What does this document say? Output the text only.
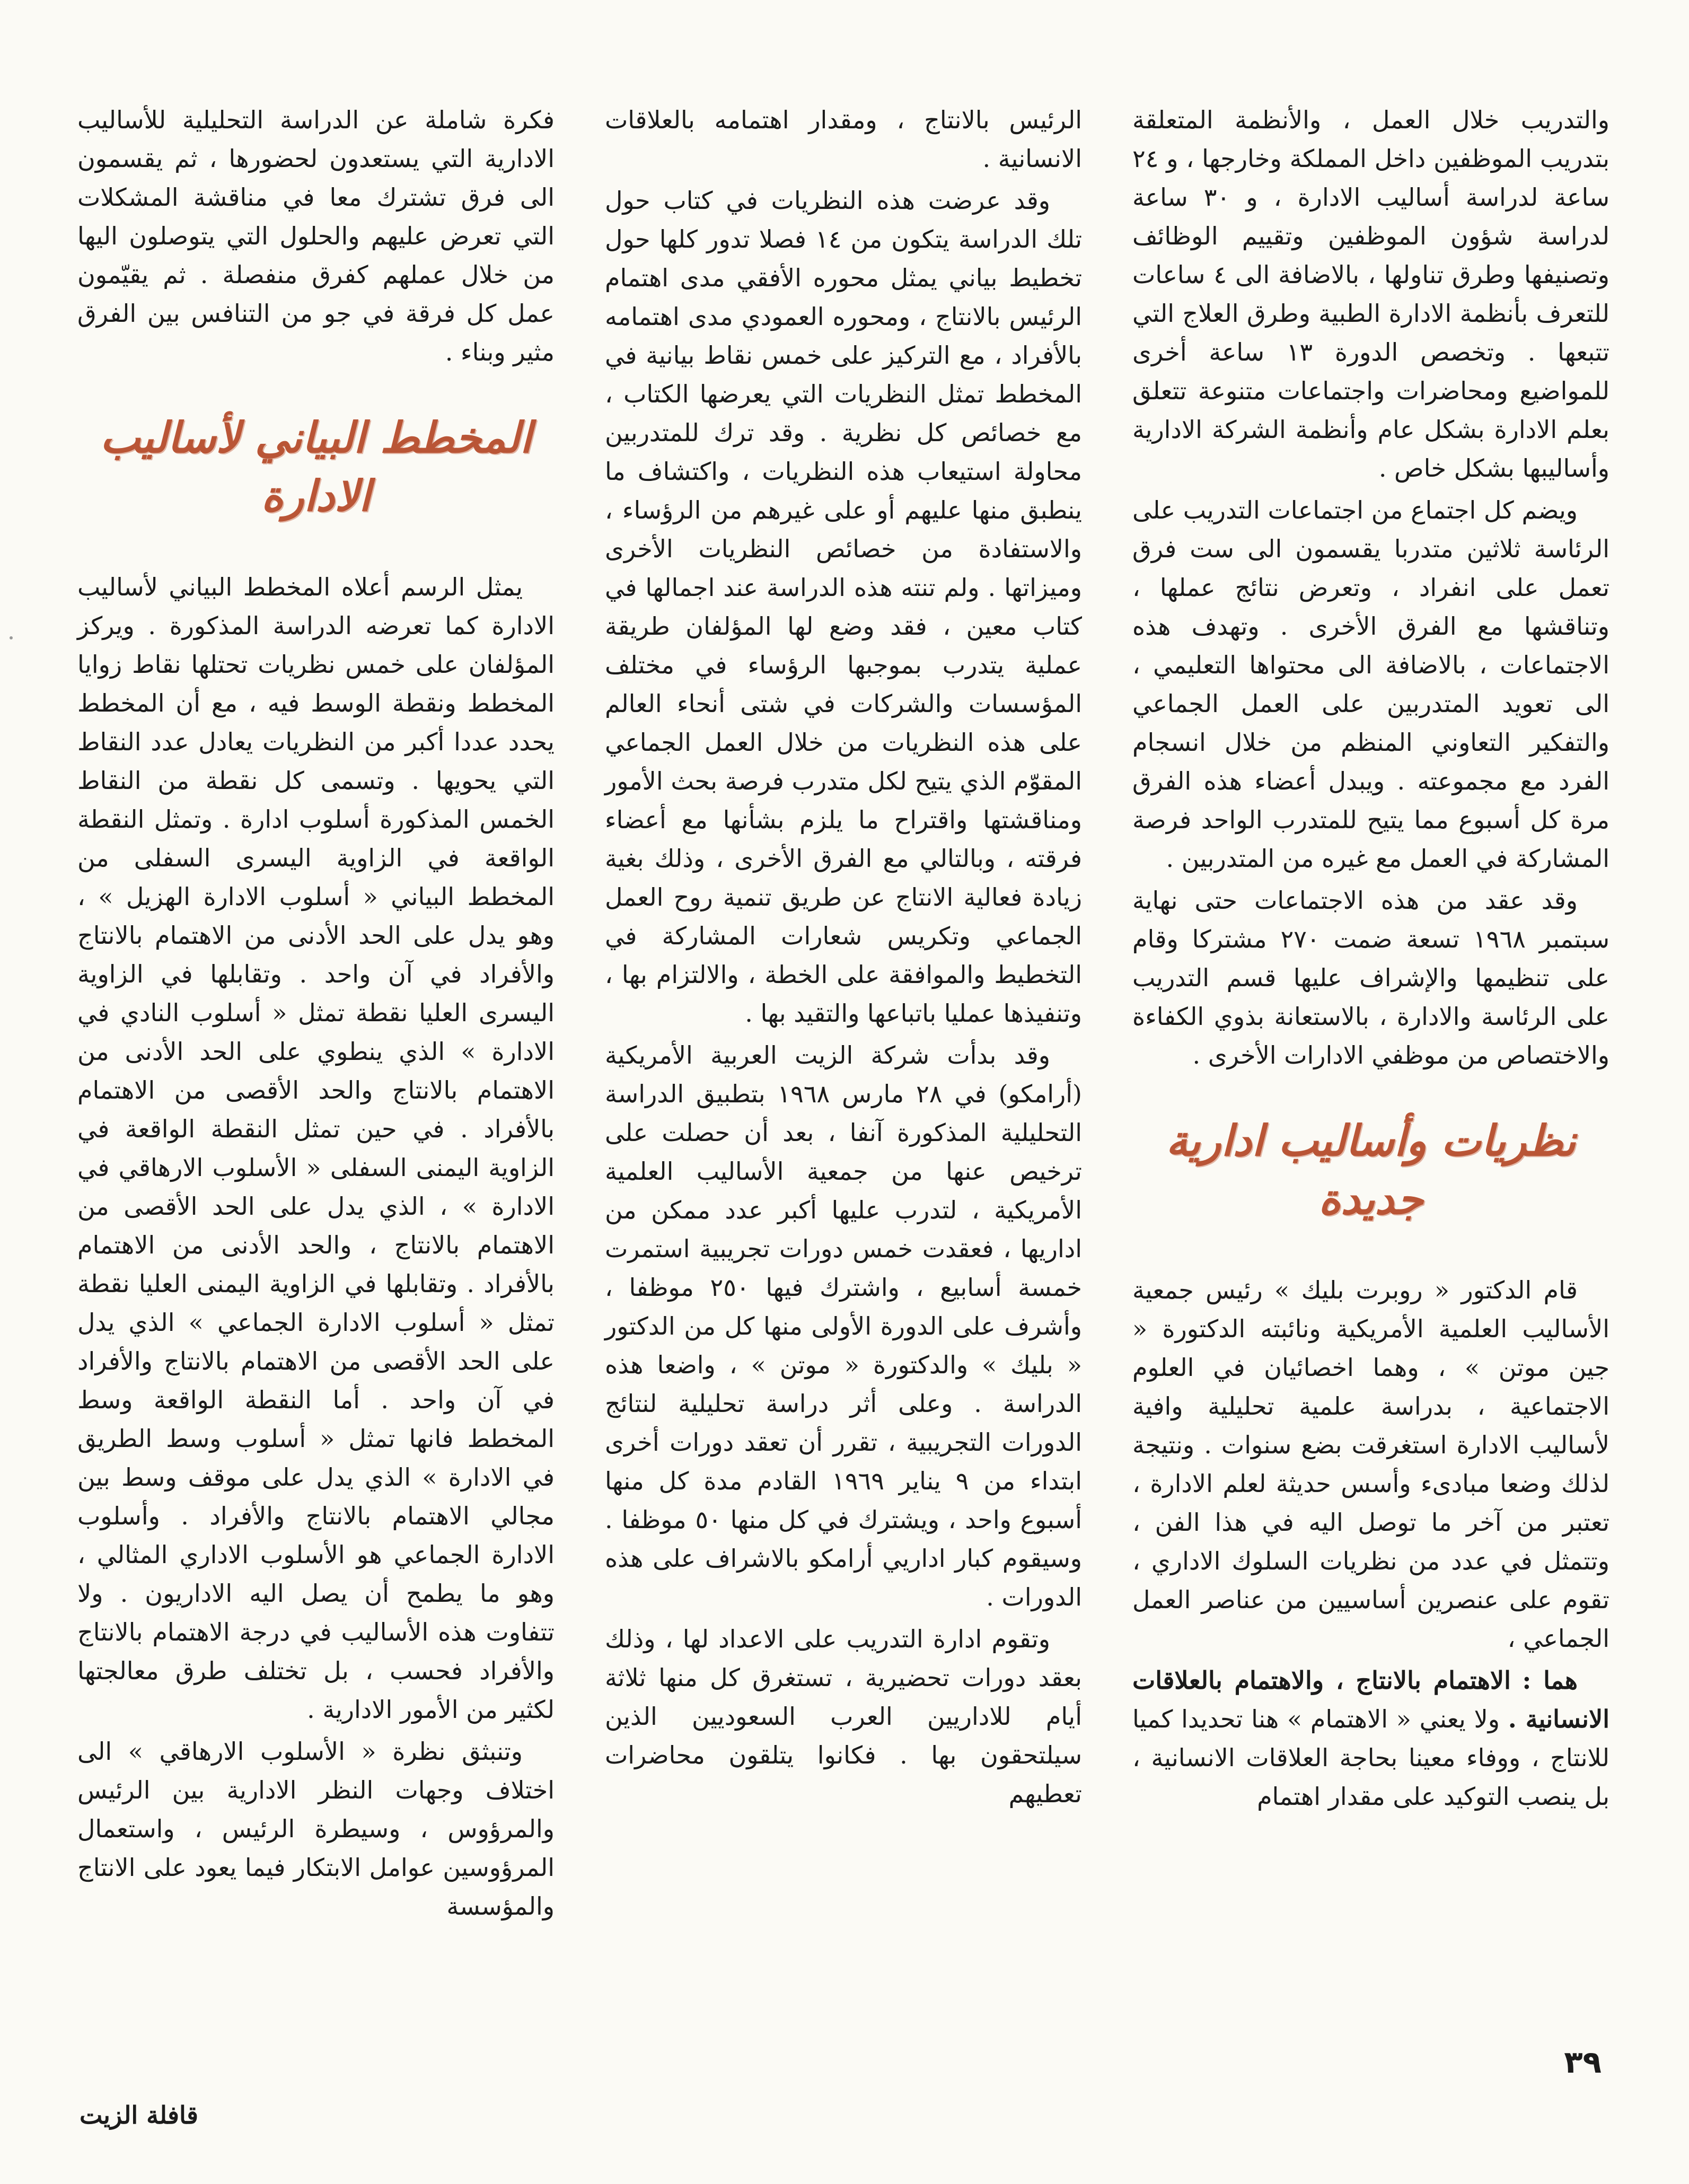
والتدريب خلال العمل ، والأنظمة المتعلقة بتدريب الموظفين داخل المملكة وخارجها ، و ٢٤ ساعة لدراسة أساليب الادارة ، و ٣٠ ساعة لدراسة شؤون الموظفين وتقييم الوظائف وتصنيفها وطرق تناولها ، بالاضافة الى ٤ ساعات للتعرف بأنظمة الادارة الطبية وطرق العلاج التي تتبعها . وتخصص الدورة ١٣ ساعة أخرى للمواضيع ومحاضرات واجتماعات متنوعة تتعلق بعلم الادارة بشكل عام وأنظمة الشركة الادارية وأساليبها بشكل خاص .

ويضم كل اجتماع من اجتماعات التدريب على الرئاسة ثلاثين متدربا يقسمون الى ست فرق تعمل على انفراد ، وتعرض نتائج عملها ، وتناقشها مع الفرق الأخرى . وتهدف هذه الاجتماعات ، بالاضافة الى محتواها التعليمي ، الى تعويد المتدربين على العمل الجماعي والتفكير التعاوني المنظم من خلال انسجام الفرد مع مجموعته . ويبدل أعضاء هذه الفرق مرة كل أسبوع مما يتيح للمتدرب الواحد فرصة المشاركة في العمل مع غيره من المتدربين .

وقد عقد من هذه الاجتماعات حتى نهاية سبتمبر ١٩٦٨ تسعة ضمت ٢٧٠ مشتركا وقام على تنظيمها والإشراف عليها قسم التدريب على الرئاسة والادارة ، بالاستعانة بذوي الكفاءة والاختصاص من موظفي الادارات الأخرى .

نظريات وأساليب ادارية جديدة

قام الدكتور « روبرت بليك » رئيس جمعية الأساليب العلمية الأمريكية ونائبته الدكتورة « جين موتن » ، وهما اخصائيان في العلوم الاجتماعية ، بدراسة علمية تحليلية وافية لأساليب الادارة استغرقت بضع سنوات . ونتيجة لذلك وضعا مبادىء وأسس حديثة لعلم الادارة ، تعتبر من آخر ما توصل اليه في هذا الفن ، وتتمثل في عدد من نظريات السلوك الاداري ، تقوم على عنصرين أساسيين من عناصر العمل الجماعي ،

هما : الاهتمام بالانتاج ، والاهتمام بالعلاقات الانسانية . ولا يعني « الاهتمام » هنا تحديدا كميا للانتاج ، ووفاء معينا بحاجة العلاقات الانسانية ، بل ينصب التوكيد على مقدار اهتمام

الرئيس بالانتاج ، ومقدار اهتمامه بالعلاقات الانسانية .

وقد عرضت هذه النظريات في كتاب حول تلك الدراسة يتكون من ١٤ فصلا تدور كلها حول تخطيط بياني يمثل محوره الأفقي مدى اهتمام الرئيس بالانتاج ، ومحوره العمودي مدى اهتمامه بالأفراد ، مع التركيز على خمس نقاط بيانية في المخطط تمثل النظريات التي يعرضها الكتاب ، مع خصائص كل نظرية . وقد ترك للمتدربين محاولة استيعاب هذه النظريات ، واكتشاف ما ينطبق منها عليهم أو على غيرهم من الرؤساء ، والاستفادة من خصائص النظريات الأخرى وميزاتها . ولم تنته هذه الدراسة عند اجمالها في كتاب معين ، فقد وضع لها المؤلفان طريقة عملية يتدرب بموجبها الرؤساء في مختلف المؤسسات والشركات في شتى أنحاء العالم على هذه النظريات من خلال العمل الجماعي المقوّم الذي يتيح لكل متدرب فرصة بحث الأمور ومناقشتها واقتراح ما يلزم بشأنها مع أعضاء فرقته ، وبالتالي مع الفرق الأخرى ، وذلك بغية زيادة فعالية الانتاج عن طريق تنمية روح العمل الجماعي وتكريس شعارات المشاركة في التخطيط والموافقة على الخطة ، والالتزام بها ، وتنفيذها عمليا باتباعها والتقيد بها .

وقد بدأت شركة الزيت العربية الأمريكية (أرامكو) في ٢٨ مارس ١٩٦٨ بتطبيق الدراسة التحليلية المذكورة آنفا ، بعد أن حصلت على ترخيص عنها من جمعية الأساليب العلمية الأمريكية ، لتدرب عليها أكبر عدد ممكن من اداريها ، فعقدت خمس دورات تجريبية استمرت خمسة أسابيع ، واشترك فيها ٢٥٠ موظفا ، وأشرف على الدورة الأولى منها كل من الدكتور « بليك » والدكتورة « موتن » ، واضعا هذه الدراسة . وعلى أثر دراسة تحليلية لنتائج الدورات التجريبية ، تقرر أن تعقد دورات أخرى ابتداء من ٩ يناير ١٩٦٩ القادم مدة كل منها أسبوع واحد ، ويشترك في كل منها ٥٠ موظفا . وسيقوم كبار اداريي أرامكو بالاشراف على هذه الدورات .

وتقوم ادارة التدريب على الاعداد لها ، وذلك بعقد دورات تحضيرية ، تستغرق كل منها ثلاثة أيام للاداريين العرب السعوديين الذين سيلتحقون بها . فكانوا يتلقون محاضرات تعطيهم

فكرة شاملة عن الدراسة التحليلية للأساليب الادارية التي يستعدون لحضورها ، ثم يقسمون الى فرق تشترك معا في مناقشة المشكلات التي تعرض عليهم والحلول التي يتوصلون اليها من خلال عملهم كفرق منفصلة . ثم يقيّمون عمل كل فرقة في جو من التنافس بين الفرق مثير وبناء .

المخطط البياني لأساليب الادارة

يمثل الرسم أعلاه المخطط البياني لأساليب الادارة كما تعرضه الدراسة المذكورة . ويركز المؤلفان على خمس نظريات تحتلها نقاط زوايا المخطط ونقطة الوسط فيه ، مع أن المخطط يحدد عددا أكبر من النظريات يعادل عدد النقاط التي يحويها . وتسمى كل نقطة من النقاط الخمس المذكورة أسلوب ادارة . وتمثل النقطة الواقعة في الزاوية اليسرى السفلى من المخطط البياني « أسلوب الادارة الهزيل » ، وهو يدل على الحد الأدنى من الاهتمام بالانتاج والأفراد في آن واحد . وتقابلها في الزاوية اليسرى العليا نقطة تمثل « أسلوب النادي في الادارة » الذي ينطوي على الحد الأدنى من الاهتمام بالانتاج والحد الأقصى من الاهتمام بالأفراد . في حين تمثل النقطة الواقعة في الزاوية اليمنى السفلى « الأسلوب الارهاقي في الادارة » ، الذي يدل على الحد الأقصى من الاهتمام بالانتاج ، والحد الأدنى من الاهتمام بالأفراد . وتقابلها في الزاوية اليمنى العليا نقطة تمثل « أسلوب الادارة الجماعي » الذي يدل على الحد الأقصى من الاهتمام بالانتاج والأفراد في آن واحد . أما النقطة الواقعة وسط المخطط فانها تمثل « أسلوب وسط الطريق في الادارة » الذي يدل على موقف وسط بين مجالي الاهتمام بالانتاج والأفراد . وأسلوب الادارة الجماعي هو الأسلوب الاداري المثالي ، وهو ما يطمح أن يصل اليه الاداريون . ولا تتفاوت هذه الأساليب في درجة الاهتمام بالانتاج والأفراد فحسب ، بل تختلف طرق معالجتها لكثير من الأمور الادارية .

وتنبثق نظرة « الأسلوب الارهاقي » الى اختلاف وجهات النظر الادارية بين الرئيس والمرؤوس ، وسيطرة الرئيس ، واستعمال المرؤوسين عوامل الابتكار فيما يعود على الانتاج والمؤسسة

٣٩
قافلة الزيت
